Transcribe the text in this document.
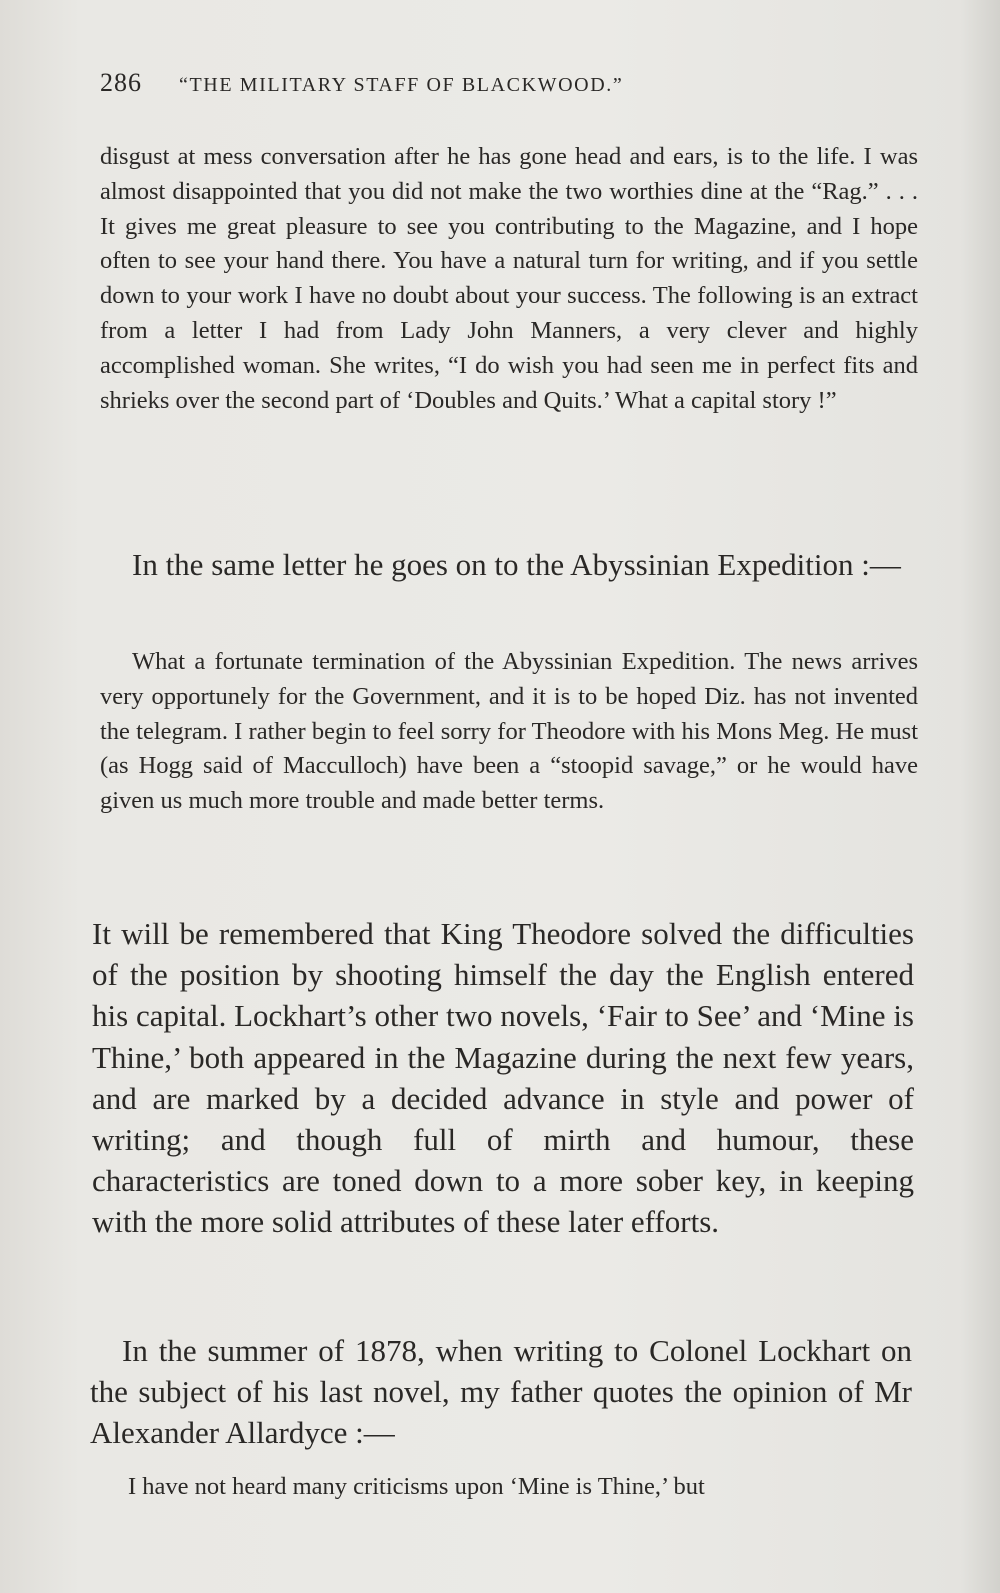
286 “THE MILITARY STAFF OF BLACKWOOD.”

disgust at mess conversation after he has gone head and ears, is to the life. I was almost disappointed that you did not make the two worthies dine at the “Rag.” . . . It gives me great pleasure to see you contributing to the Magazine, and I hope often to see your hand there. You have a natural turn for writing, and if you settle down to your work I have no doubt about your success. The following is an extract from a letter I had from Lady John Manners, a very clever and highly accomplished woman. She writes, “I do wish you had seen me in perfect fits and shrieks over the second part of ‘Doubles and Quits.’ What a capital story !”

In the same letter he goes on to the Abyssinian Expedition :—

What a fortunate termination of the Abyssinian Expedition. The news arrives very opportunely for the Government, and it is to be hoped Diz. has not invented the telegram. I rather begin to feel sorry for Theodore with his Mons Meg. He must (as Hogg said of Macculloch) have been a “stoopid savage,” or he would have given us much more trouble and made better terms.

It will be remembered that King Theodore solved the difficulties of the position by shooting himself the day the English entered his capital. Lockhart’s other two novels, ‘Fair to See’ and ‘Mine is Thine,’ both appeared in the Magazine during the next few years, and are marked by a decided advance in style and power of writing; and though full of mirth and humour, these characteristics are toned down to a more sober key, in keeping with the more solid attributes of these later efforts.

In the summer of 1878, when writing to Colonel Lockhart on the subject of his last novel, my father quotes the opinion of Mr Alexander Allardyce :—

I have not heard many criticisms upon ‘Mine is Thine,’ but
